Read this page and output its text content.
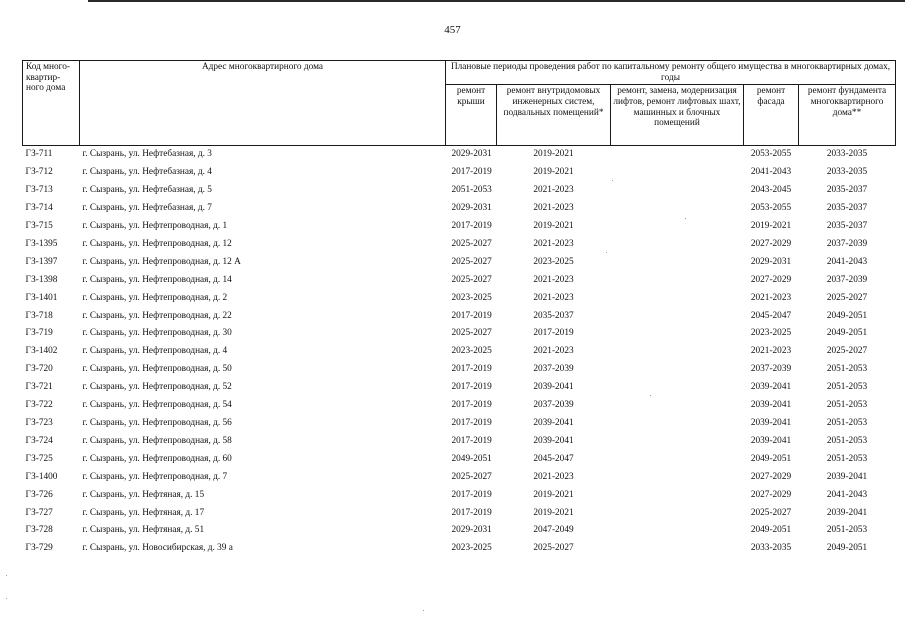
457
Код много-квартир-ного дома	Адрес многоквартирного дома	Плановые периоды проведения работ по капитальному ремонту общего имущества в многоквартирных домах, годы				
		ремонт крыши	ремонт внутридомовых инженерных систем, подвальных помещений*	ремонт, замена, модернизация лифтов, ремонт лифтовых шахт, машинных и блочных помещений	ремонт фасада	ремонт фундамента многоквартирного дома**
ГЗ-711	г. Сызрань, ул. Нефтебазная, д. 3	2029-2031	2019-2021		2053-2055	2033-2035
ГЗ-712	г. Сызрань, ул. Нефтебазная, д. 4	2017-2019	2019-2021		2041-2043	2033-2035
ГЗ-713	г. Сызрань, ул. Нефтебазная, д. 5	2051-2053	2021-2023		2043-2045	2035-2037
ГЗ-714	г. Сызрань, ул. Нефтебазная, д. 7	2029-2031	2021-2023		2053-2055	2035-2037
ГЗ-715	г. Сызрань, ул. Нефтепроводная, д. 1	2017-2019	2019-2021		2019-2021	2035-2037
ГЗ-1395	г. Сызрань, ул. Нефтепроводная, д. 12	2025-2027	2021-2023		2027-2029	2037-2039
ГЗ-1397	г. Сызрань, ул. Нефтепроводная, д. 12 А	2025-2027	2023-2025		2029-2031	2041-2043
ГЗ-1398	г. Сызрань, ул. Нефтепроводная, д. 14	2025-2027	2021-2023		2027-2029	2037-2039
ГЗ-1401	г. Сызрань, ул. Нефтепроводная, д. 2	2023-2025	2021-2023		2021-2023	2025-2027
ГЗ-718	г. Сызрань, ул. Нефтепроводная, д. 22	2017-2019	2035-2037		2045-2047	2049-2051
ГЗ-719	г. Сызрань, ул. Нефтепроводная, д. 30	2025-2027	2017-2019		2023-2025	2049-2051
ГЗ-1402	г. Сызрань, ул. Нефтепроводная, д. 4	2023-2025	2021-2023		2021-2023	2025-2027
ГЗ-720	г. Сызрань, ул. Нефтепроводная, д. 50	2017-2019	2037-2039		2037-2039	2051-2053
ГЗ-721	г. Сызрань, ул. Нефтепроводная, д. 52	2017-2019	2039-2041		2039-2041	2051-2053
ГЗ-722	г. Сызрань, ул. Нефтепроводная, д. 54	2017-2019	2037-2039		2039-2041	2051-2053
ГЗ-723	г. Сызрань, ул. Нефтепроводная, д. 56	2017-2019	2039-2041		2039-2041	2051-2053
ГЗ-724	г. Сызрань, ул. Нефтепроводная, д. 58	2017-2019	2039-2041		2039-2041	2051-2053
ГЗ-725	г. Сызрань, ул. Нефтепроводная, д. 60	2049-2051	2045-2047		2049-2051	2051-2053
ГЗ-1400	г. Сызрань, ул. Нефтепроводная, д. 7	2025-2027	2021-2023		2027-2029	2039-2041
ГЗ-726	г. Сызрань, ул. Нефтяная, д. 15	2017-2019	2019-2021		2027-2029	2041-2043
ГЗ-727	г. Сызрань, ул. Нефтяная, д. 17	2017-2019	2019-2021		2025-2027	2039-2041
ГЗ-728	г. Сызрань, ул. Нефтяная, д. 51	2029-2031	2047-2049		2049-2051	2051-2053
ГЗ-729	г. Сызрань, ул. Новосибирская, д. 39 а	2023-2025	2025-2027		2033-2035	2049-2051
